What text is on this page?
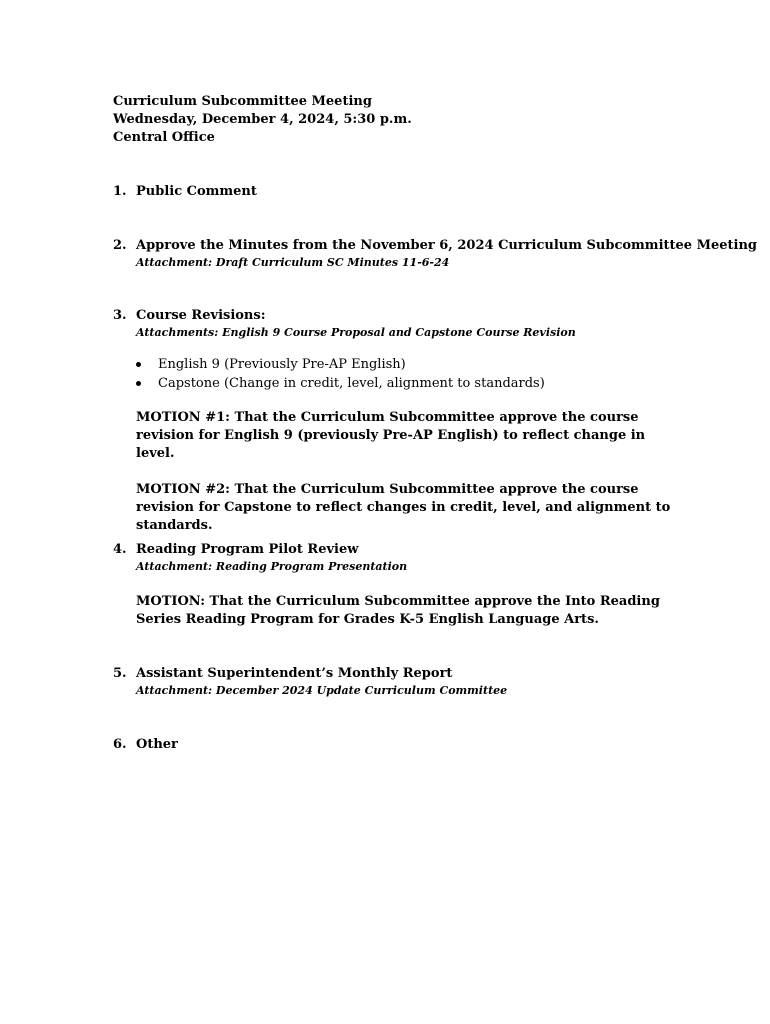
Curriculum Subcommittee Meeting
Wednesday, December 4, 2024, 5:30 p.m.
Central Office
1. Public Comment
2. Approve the Minutes from the November 6, 2024 Curriculum Subcommittee Meeting
Attachment: Draft Curriculum SC Minutes 11-6-24
3. Course Revisions:
Attachments: English 9 Course Proposal and Capstone Course Revision
English 9 (Previously Pre-AP English)
Capstone (Change in credit, level, alignment to standards)
MOTION #1: That the Curriculum Subcommittee approve the course revision for English 9 (previously Pre-AP English) to reflect change in level.
MOTION #2: That the Curriculum Subcommittee approve the course revision for Capstone to reflect changes in credit, level, and alignment to standards.
4. Reading Program Pilot Review
Attachment: Reading Program Presentation
MOTION: That the Curriculum Subcommittee approve the Into Reading Series Reading Program for Grades K-5 English Language Arts.
5. Assistant Superintendent’s Monthly Report
Attachment: December 2024 Update Curriculum Committee
6. Other
